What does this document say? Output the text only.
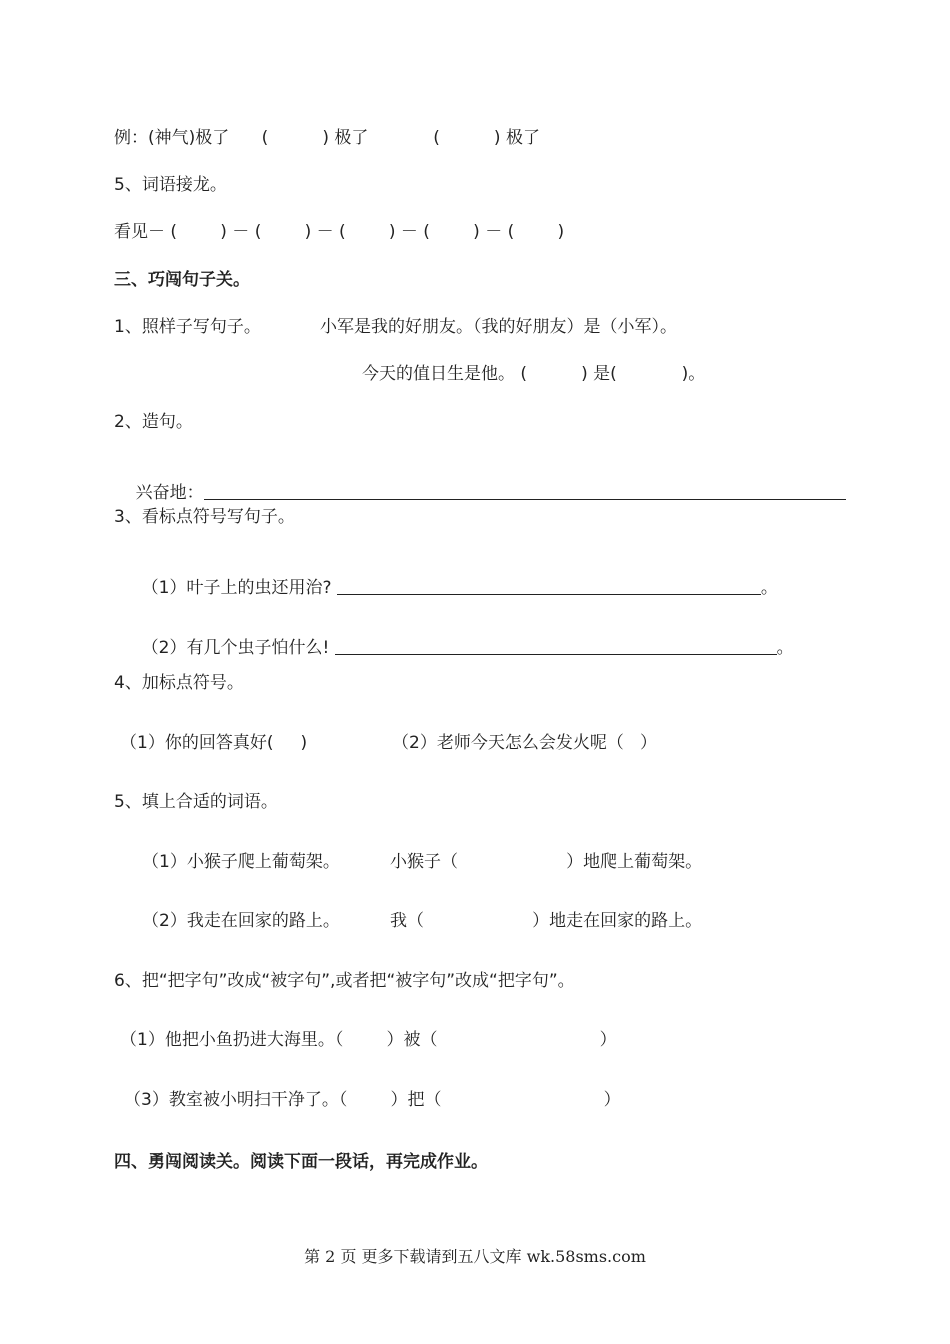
例：(神气)极了      (          ) 极了            (          ) 极了
5、词语接龙。
看见－ (        ) － (        ) － (        ) － (        ) － (        )
三、巧闯句子关。
1、照样子写句子。	小军是我的好朋友。（我的好朋友）是（小军）。
今天的值日生是他。 (          ) 是(            )。
2、造句。

兴奋地：

3、看标点符号写句子。

（1）叶子上的虫还用治?	。

（2）有几个虫子怕什么!	。

4、加标点符号。
（1）你的回答真好(     )	（2）老师今天怎么会发火呢（   ）
5、填上合适的词语。
（1）小猴子爬上葡萄架。	小猴子（                    ）地爬上葡萄架。
（2）我走在回家的路上。	我（                    ）地走在回家的路上。
6、把“把字句”改成“被字句”,或者把“被字句”改成“把字句”。
（1）他把小鱼扔进大海里。（        ）被（                              ）
（3）教室被小明扫干净了。（        ）把（                              ）
四、勇闯阅读关。阅读下面一段话，再完成作业。
第 2 页 更多下载请到五八文库 wk.58sms.com
